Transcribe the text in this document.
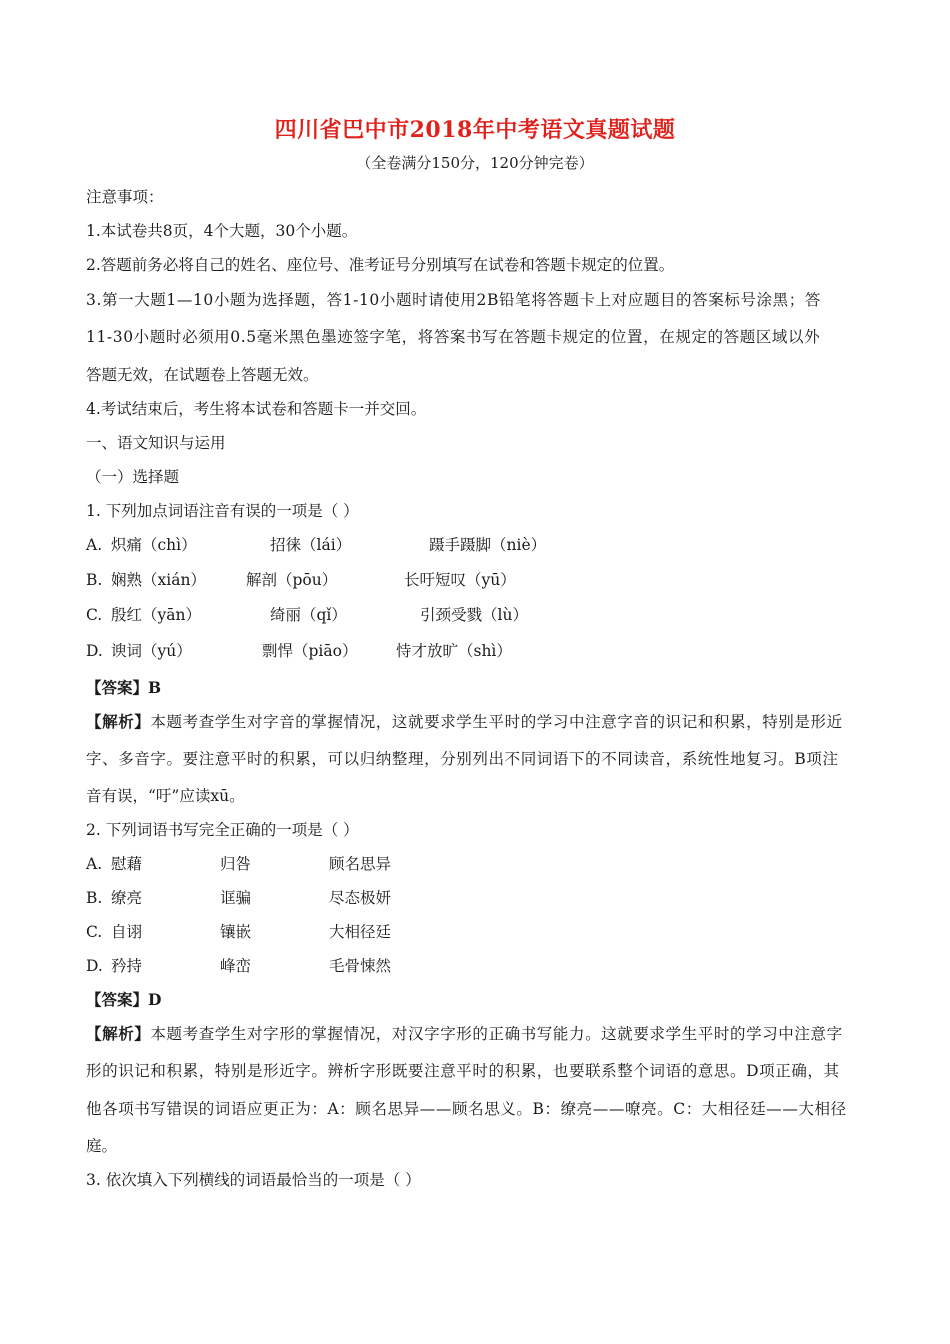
四川省巴中市2018年中考语文真题试题
（全卷满分150分，120分钟完卷）
注意事项：
1.本试卷共8页，4个大题，30个小题。
2.答题前务必将自己的姓名、座位号、准考证号分别填写在试卷和答题卡规定的位置。
3.第一大题1—10小题为选择题，答1-10小题时请使用2B铅笔将答题卡上对应题目的答案标号涂黑；答
11-30小题时必须用0.5毫米黑色墨迹签字笔，将答案书写在答题卡规定的位置，在规定的答题区域以外
答题无效，在试题卷上答题无效。
4.考试结束后，考生将本试卷和答题卡一并交回。
一、语文知识与运用
（一）选择题
1. 下列加点词语注音有误的一项是（ ）
A. 炽痛（chì）	招徕（lái）	蹑手蹑脚（niè）
B. 娴熟（xián）	解剖（pōu）	长吁短叹（yū）
C. 殷红（yān）	绮丽（qǐ）	引颈受戮（lù）
D. 谀词（yú）	剽悍（piāo） 恃才放旷（shì）
【答案】B
【解析】本题考查学生对字音的掌握情况，这就要求学生平时的学习中注意字音的识记和积累，特别是形近
字、多音字。要注意平时的积累，可以归纳整理，分别列出不同词语下的不同读音，系统性地复习。B项注
音有误，“吁”应读xū。
2. 下列词语书写完全正确的一项是（ ）
A. 慰藉	归咎	顾名思异
B. 缭亮	诓骗	尽态极妍
C. 自诩	镶嵌	大相径廷
D. 矜持	峰峦	毛骨悚然
【答案】D
【解析】本题考查学生对字形的掌握情况，对汉字字形的正确书写能力。这就要求学生平时的学习中注意字
形的识记和积累，特别是形近字。辨析字形既要注意平时的积累，也要联系整个词语的意思。D项正确，其
他各项书写错误的词语应更正为：A：顾名思异——顾名思义。B：缭亮——嘹亮。C：大相径廷——大相径
庭。
3. 依次填入下列横线的词语最恰当的一项是（ ）
